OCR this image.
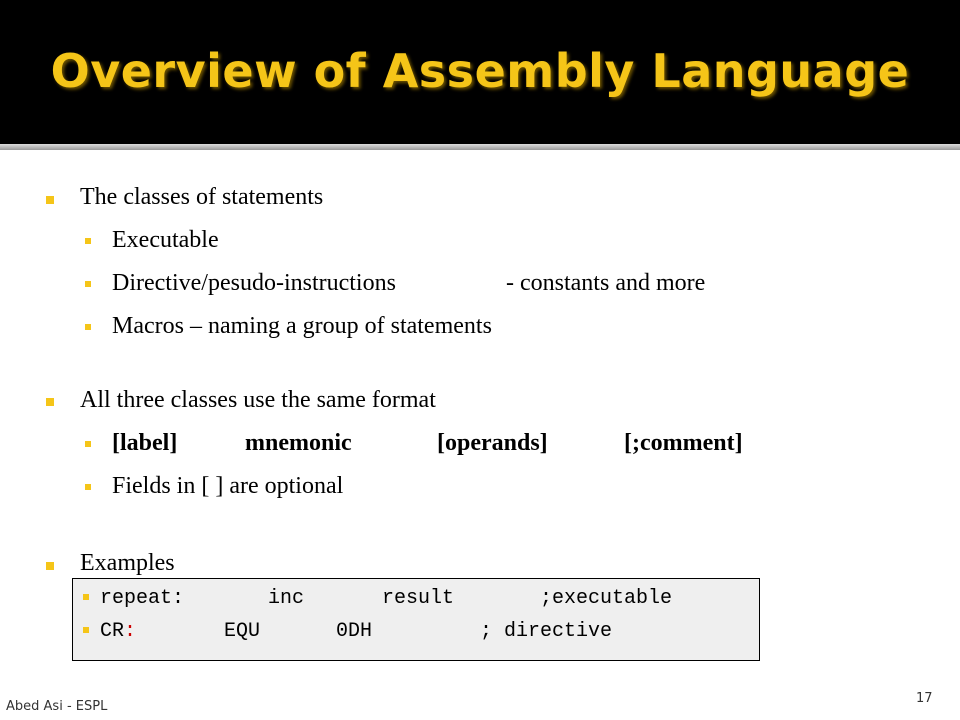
Overview of Assembly Language
The classes of statements
Executable
Directive/pesudo-instructions	- constants and more
Macros – naming a group of statements
All three classes use the same format
[label]	mnemonic	[operands]	[;comment]
Fields in [ ] are optional
Examples
repeat:	inc	result	;executable
CR:	EQU	0DH	; directive
Abed Asi - ESPL
17
